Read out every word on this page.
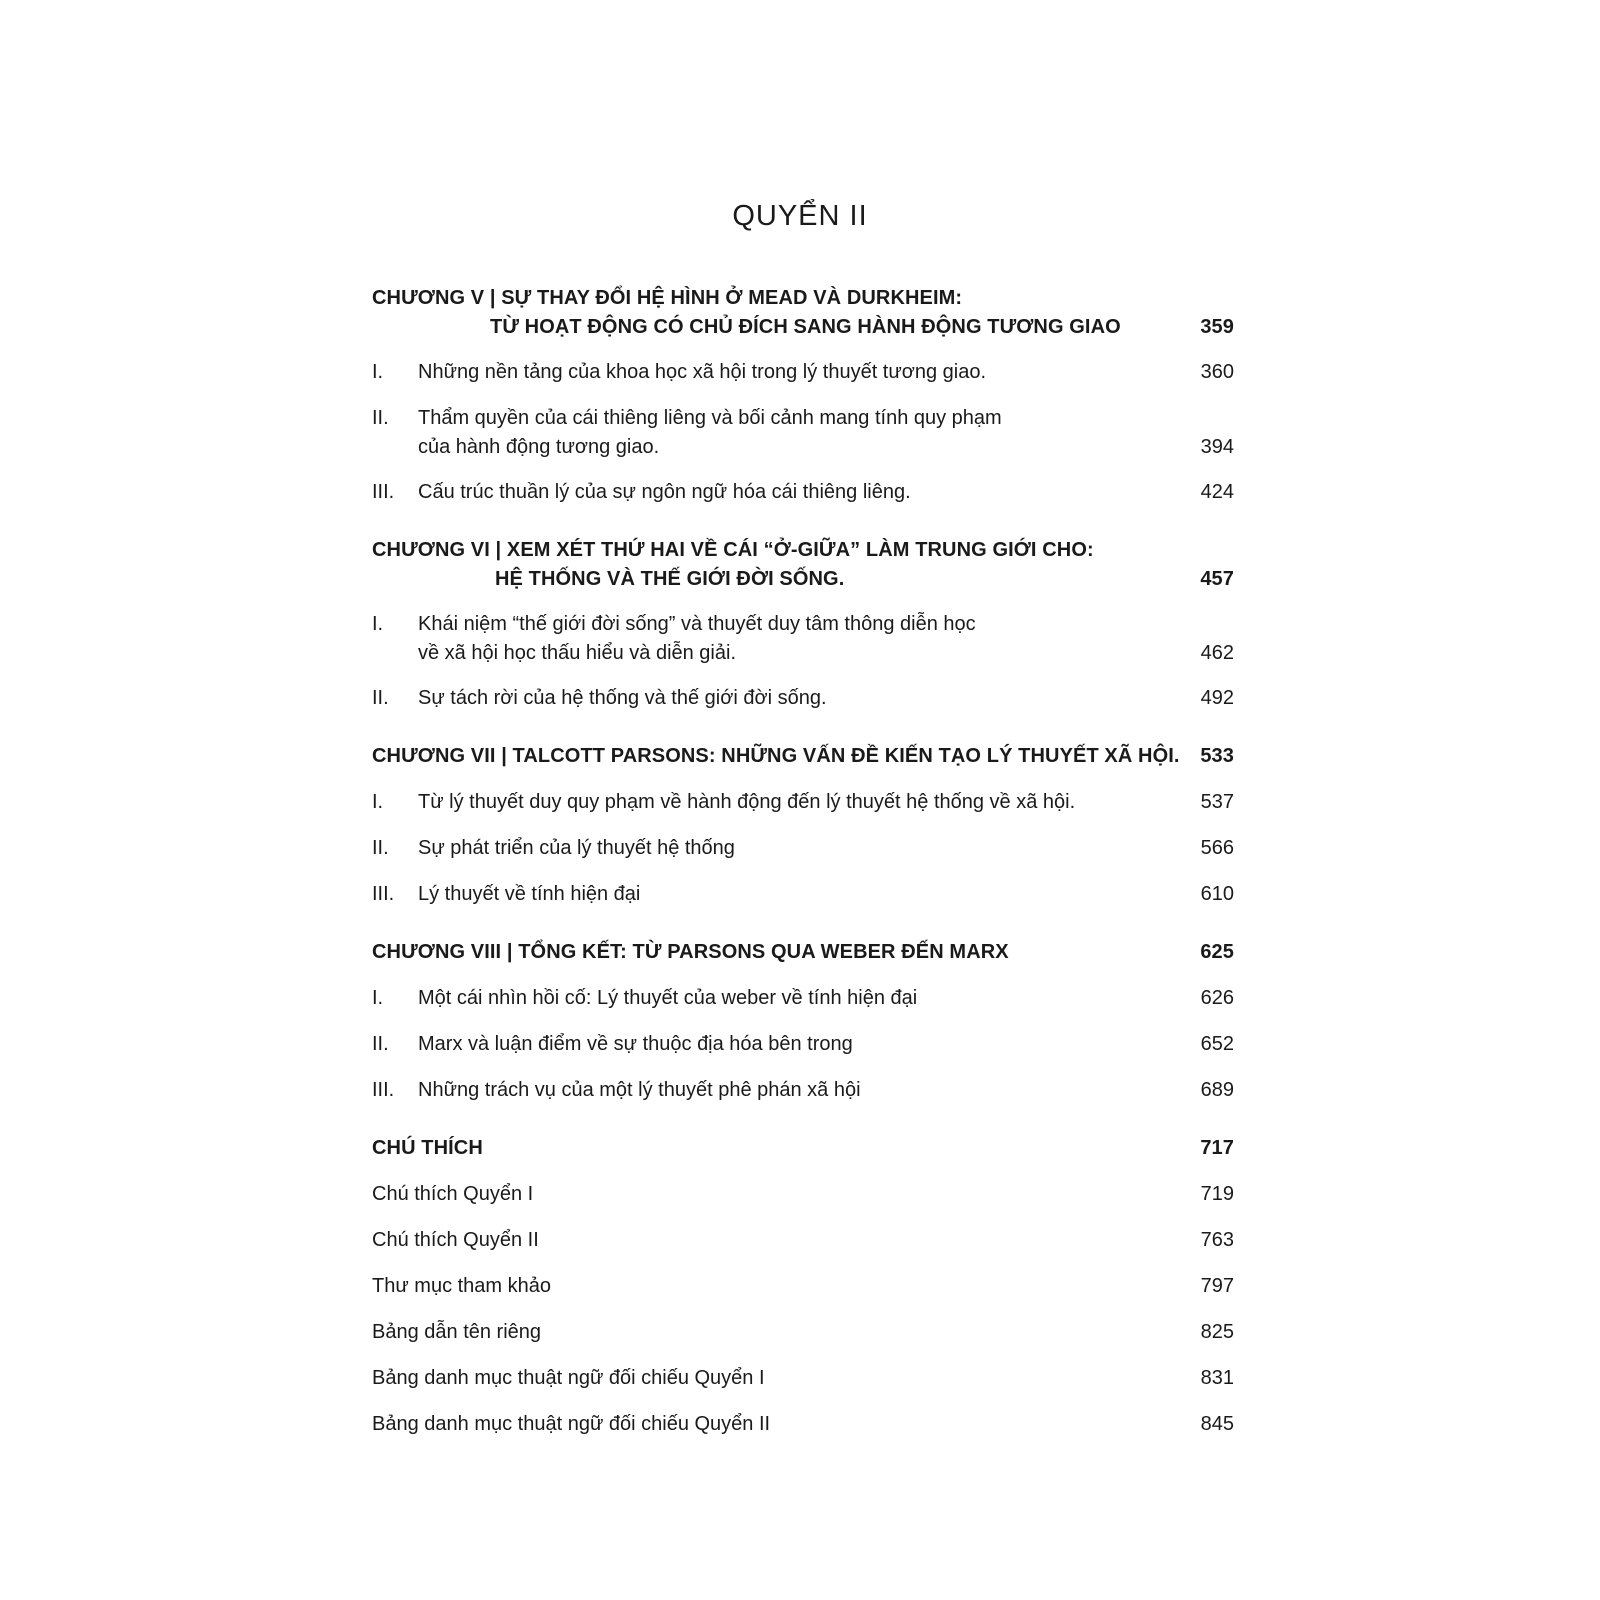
QUYỂN II
CHƯƠNG V | SỰ THAY ĐỔI HỆ HÌNH Ở MEAD VÀ DURKHEIM:
TỪ HOẠT ĐỘNG CÓ CHỦ ĐÍCH SANG HÀNH ĐỘNG TƯƠNG GIAO	359
I.	Những nền tảng của khoa học xã hội trong lý thuyết tương giao.	360
II.	Thẩm quyền của cái thiêng liêng và bối cảnh mang tính quy phạm
của hành động tương giao.	394
III.	Cấu trúc thuần lý của sự ngôn ngữ hóa cái thiêng liêng.	424
CHƯƠNG VI | XEM XÉT THỨ HAI VỀ CÁI “Ở-GIỮA” LÀM TRUNG GIỚI CHO:
HỆ THỐNG VÀ THẾ GIỚI ĐỜI SỐNG.	457
I.	Khái niệm “thế giới đời sống” và thuyết duy tâm thông diễn học
về xã hội học thấu hiểu và diễn giải.	462
II.	Sự tách rời của hệ thống và thế giới đời sống.	492
CHƯƠNG VII | TALCOTT PARSONS: NHỮNG VẤN ĐỀ KIẾN TẠO LÝ THUYẾT XÃ HỘI. 533
I.	Từ lý thuyết duy quy phạm về hành động đến lý thuyết hệ thống về xã hội.	537
II.	Sự phát triển của lý thuyết hệ thống	566
III.	Lý thuyết về tính hiện đại	610
CHƯƠNG VIII | TỔNG KẾT: TỪ PARSONS QUA WEBER ĐẾN MARX	625
I.	Một cái nhìn hồi cố: Lý thuyết của weber về tính hiện đại	626
II.	Marx và luận điểm về sự thuộc địa hóa bên trong	652
III.	Những trách vụ của một lý thuyết phê phán xã hội	689
CHÚ THÍCH	717
Chú thích Quyển I	719
Chú thích Quyển II	763
Thư mục tham khảo	797
Bảng dẫn tên riêng	825
Bảng danh mục thuật ngữ đối chiếu Quyển I	831
Bảng danh mục thuật ngữ đối chiếu Quyển II	845
